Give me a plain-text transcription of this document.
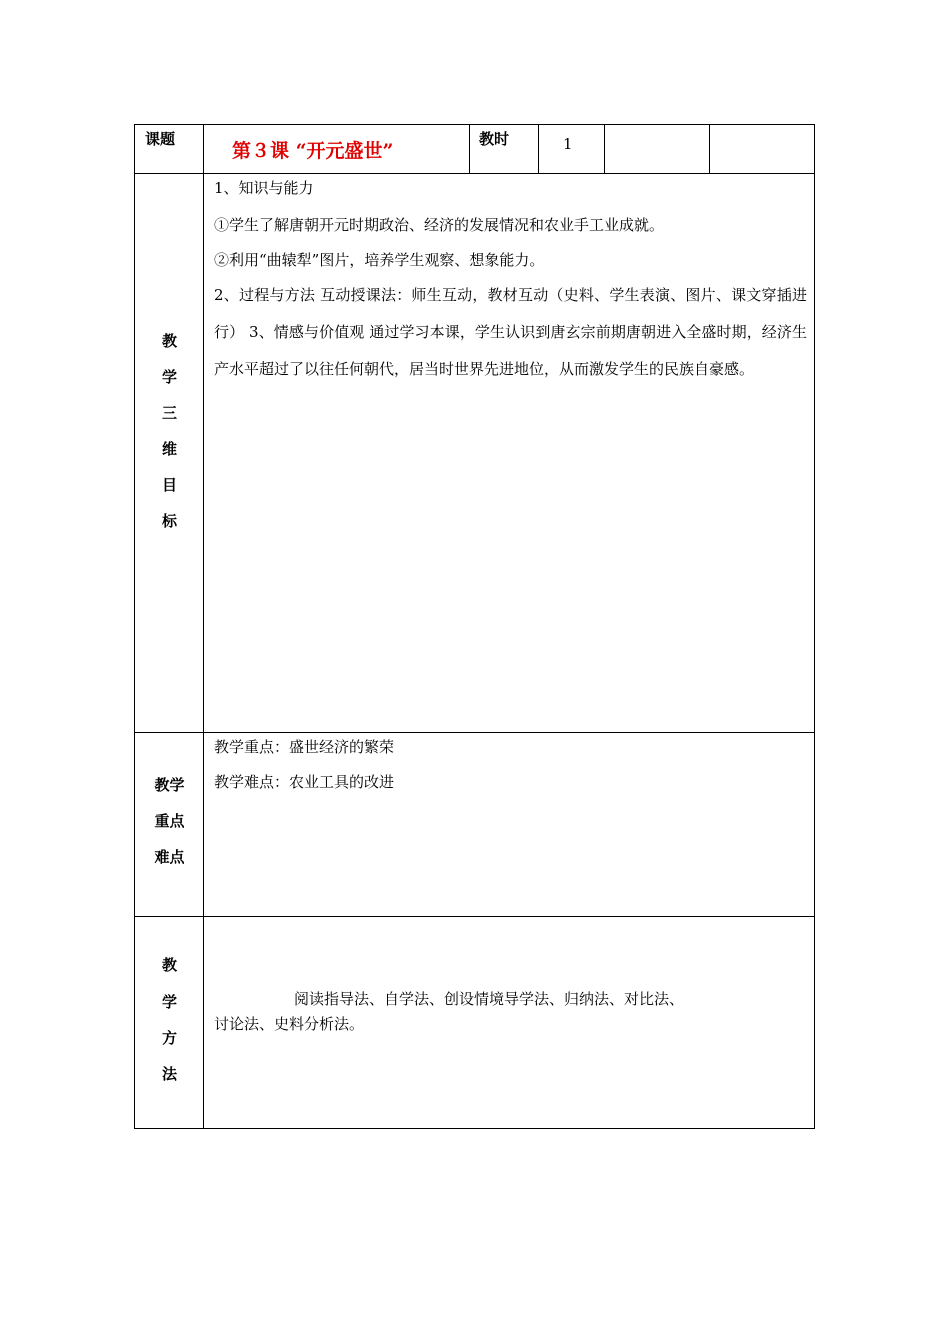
课题
第３课 “开元盛世”
教时	1
教
学
三
维
目
标
1、知识与能力
①学生了解唐朝开元时期政治、经济的发展情况和农业手工业成就。
②利用“曲辕犁”图片，培养学生观察、想象能力。
2、过程与方法 互动授课法：师生互动，教材互动（史料、学生表演、图片、课文穿插进行） 3、情感与价值观 通过学习本课，学生认识到唐玄宗前期唐朝进入全盛时期，经济生产水平超过了以往任何朝代，居当时世界先进地位，从而激发学生的民族自豪感。
教学
重点
难点
教学重点：盛世经济的繁荣
教学难点：农业工具的改进
教
学
方
法
阅读指导法、自学法、创设情境导学法、归纳法、对比法、
讨论法、史料分析法。
